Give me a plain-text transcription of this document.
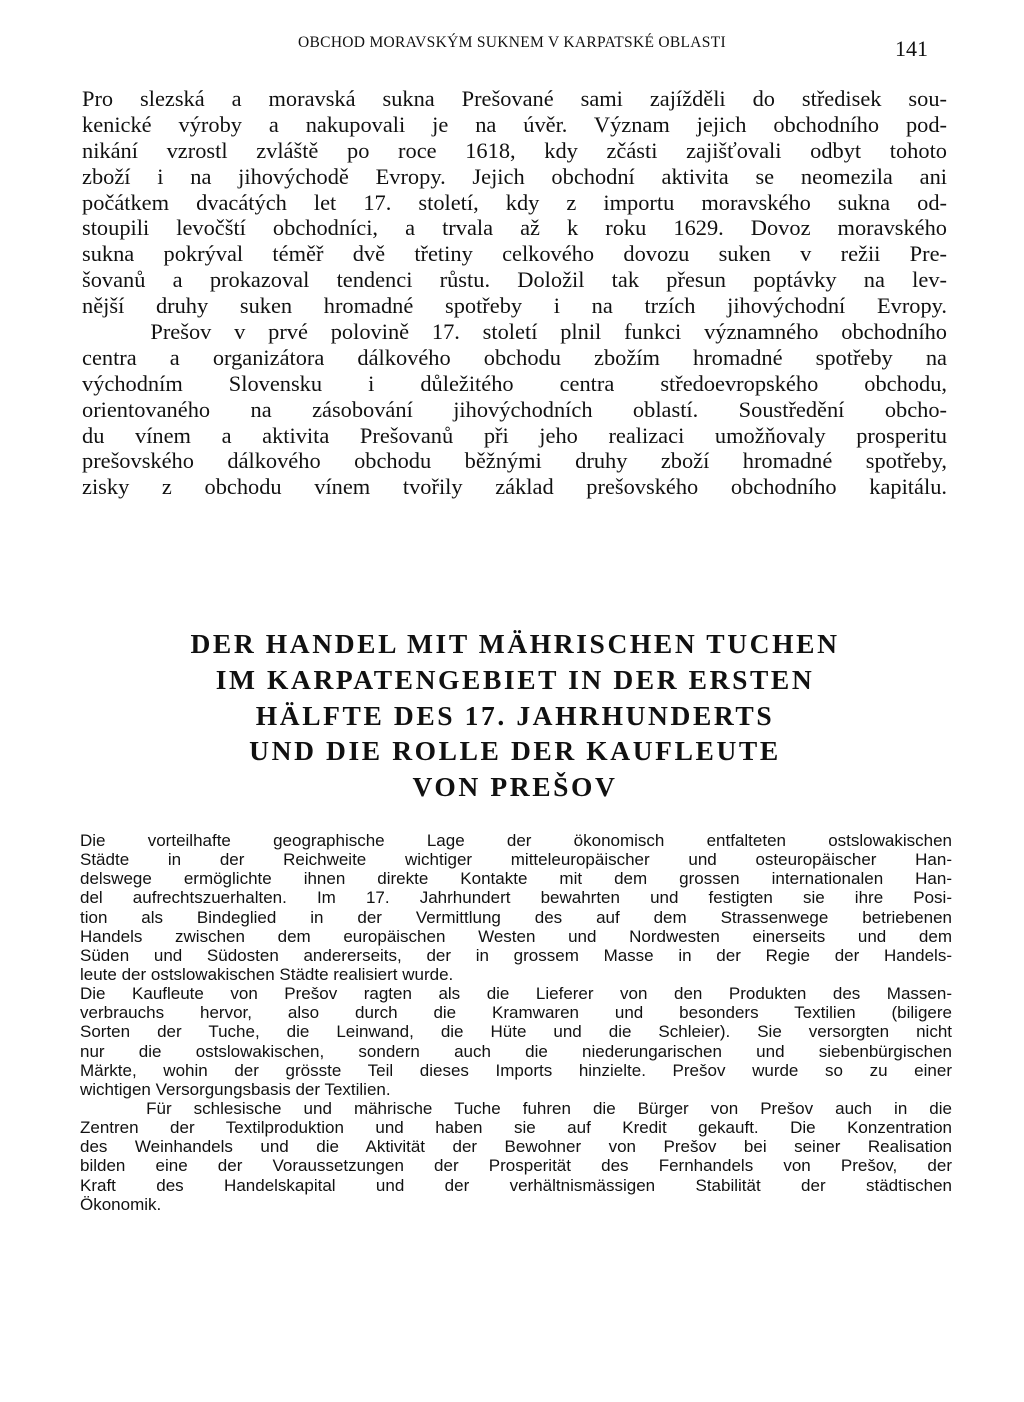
OBCHOD MORAVSKÝM SUKNEM V KARPATSKÉ OBLASTI	141
Pro slezská a moravská sukna Prešované sami zajížděli do středisek sou-
kenické výroby a nakupovali je na úvěr. Význam jejich obchodního pod-
nikání vzrostl zvláště po roce 1618, kdy zčásti zajišťovali odbyt tohoto
zboží i na jihovýchodě Evropy. Jejich obchodní aktivita se neomezila ani
počátkem dvacátých let 17. století, kdy z importu moravského sukna od-
stoupili levočští obchodníci, a trvala až k roku 1629. Dovoz moravského
sukna pokrýval téměř dvě třetiny celkového dovozu suken v režii Pre-
šovanů a prokazoval tendenci růstu. Doložil tak přesun poptávky na lev-
nější druhy suken hromadné spotřeby i na trzích jihovýchodní Evropy.
Prešov v prvé polovině 17. století plnil funkci významného obchodního
centra a organizátora dálkového obchodu zbožím hromadné spotřeby na
východním Slovensku i důležitého centra středoevropského obchodu,
orientovaného na zásobování jihovýchodních oblastí. Soustředění obcho-
du vínem a aktivita Prešovanů při jeho realizaci umožňovaly prosperitu
prešovského dálkového obchodu běžnými druhy zboží hromadné spotřeby,
zisky z obchodu vínem tvořily základ prešovského obchodního kapitálu.
DER HANDEL MIT MÄHRISCHEN TUCHEN
IM KARPATENGEBIET IN DER ERSTEN
HÄLFTE DES 17. JAHRHUNDERTS
UND DIE ROLLE DER KAUFLEUTE
VON PREŠOV
Die vorteilhafte geographische Lage der ökonomisch entfalteten ostslowakischen
Städte in der Reichweite wichtiger mitteleuropäischer und osteuropäischer Han-
delswege ermöglichte ihnen direkte Kontakte mit dem grossen internationalen Han-
del aufrechtszuerhalten. Im 17. Jahrhundert bewahrten und festigten sie ihre Posi-
tion als Bindeglied in der Vermittlung des auf dem Strassenwege betriebenen
Handels zwischen dem europäischen Westen und Nordwesten einerseits und dem
Süden und Südosten andererseits, der in grossem Masse in der Regie der Handels-
leute der ostslowakischen Städte realisiert wurde.
Die Kaufleute von Prešov ragten als die Lieferer von den Produkten des Massen-
verbrauchs hervor, also durch die Kramwaren und besonders Textilien (biligere
Sorten der Tuche, die Leinwand, die Hüte und die Schleier). Sie versorgten nicht
nur die ostslowakischen, sondern auch die niederungarischen und siebenbürgischen
Märkte, wohin der grösste Teil dieses Imports hinzielte. Prešov wurde so zu einer
wichtigen Versorgungsbasis der Textilien.
Für schlesische und mährische Tuche fuhren die Bürger von Prešov auch in die
Zentren der Textilproduktion und haben sie auf Kredit gekauft. Die Konzentration
des Weinhandels und die Aktivität der Bewohner von Prešov bei seiner Realisation
bilden eine der Voraussetzungen der Prosperität des Fernhandels von Prešov, der
Kraft des Handelskapital und der verhältnismässigen Stabilität der städtischen
Ökonomik.
